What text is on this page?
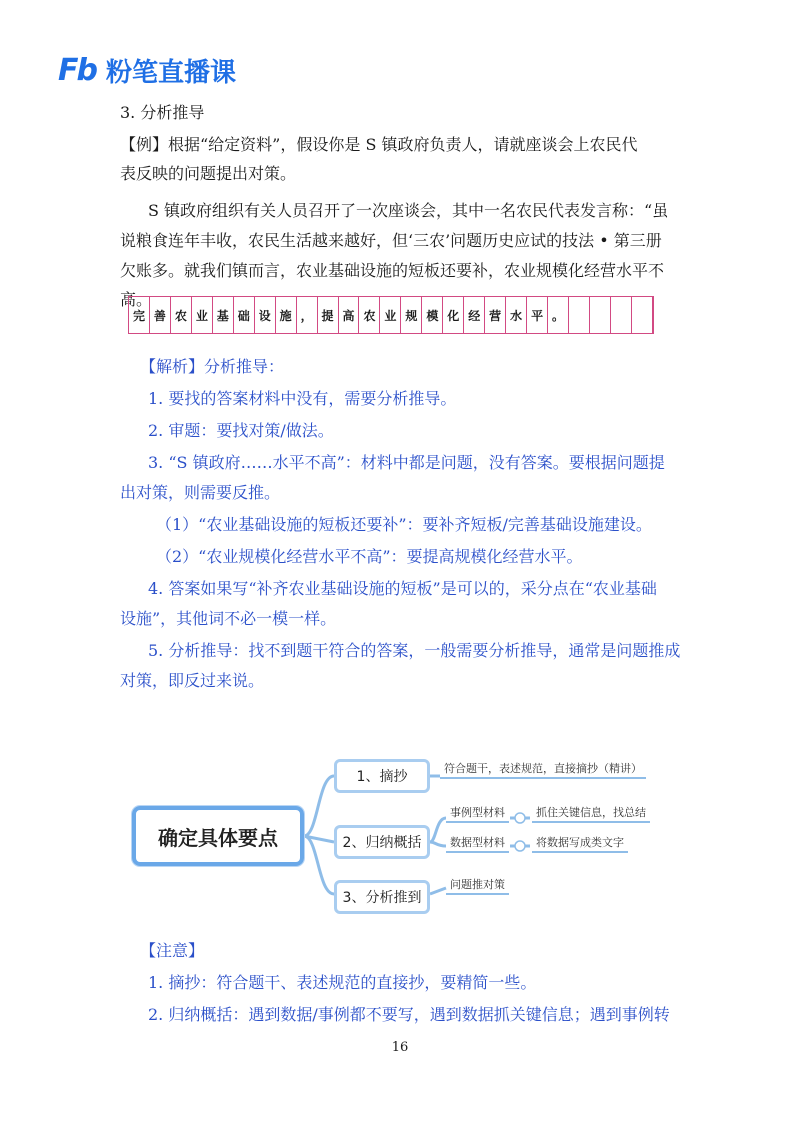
Fb 粉笔直播课
3. 分析推导
【例】根据“给定资料”，假设你是 S 镇政府负责人，请就座谈会上农民代
表反映的问题提出对策。
S 镇政府组织有关人员召开了一次座谈会，其中一名农民代表发言称：“虽
说粮食连年丰收，农民生活越来越好，但‘三农’问题历史应试的技法 • 第三册
欠账多。就我们镇而言，农业基础设施的短板还要补，农业规模化经营水平不高。
完 善 农 业 基 础 设 施 ， 提 高 农 业 规 模 化 经 营 水 平 。
【解析】分析推导：
1. 要找的答案材料中没有，需要分析推导。
2. 审题：要找对策/做法。
3. “S 镇政府……水平不高”：材料中都是问题，没有答案。要根据问题提
出对策，则需要反推。
（1）“农业基础设施的短板还要补”：要补齐短板/完善基础设施建设。
（2）“农业规模化经营水平不高”：要提高规模化经营水平。
4. 答案如果写“补齐农业基础设施的短板”是可以的，采分点在“农业基础
设施”，其他词不必一模一样。
5. 分析推导：找不到题干符合的答案，一般需要分析推导，通常是问题推成
对策，即反过来说。
确定具体要点
1、摘抄
2、归纳概括
3、分析推到
符合题干，表述规范，直接摘抄（精讲）
事例型材料	抓住关键信息，找总结
数据型材料	将数据写成类文字
问题推对策
【注意】
1. 摘抄：符合题干、表述规范的直接抄，要精简一些。
2. 归纳概括：遇到数据/事例都不要写，遇到数据抓关键信息；遇到事例转
16
